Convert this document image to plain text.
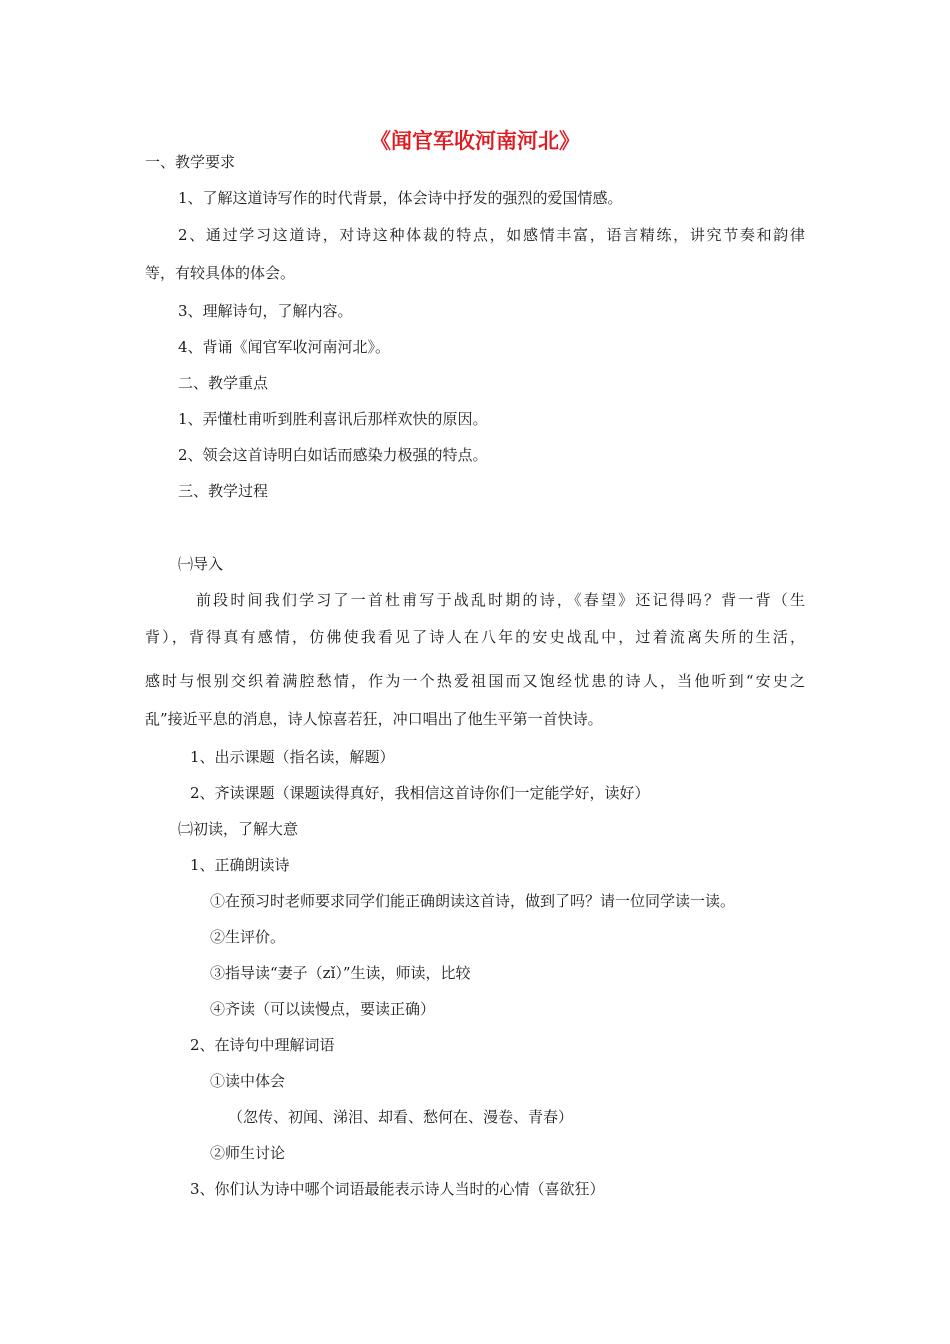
《闻官军收河南河北》
一、教学要求
1、了解这道诗写作的时代背景，体会诗中抒发的强烈的爱国情感。
2、通过学习这道诗，对诗这种体裁的特点，如感情丰富，语言精练，讲究节奏和韵律
等，有较具体的体会。
3、理解诗句，了解内容。
4、背诵《闻官军收河南河北》。
二、教学重点
1、弄懂杜甫听到胜利喜讯后那样欢快的原因。
2、领会这首诗明白如话而感染力极强的特点。
三、教学过程
㈠导入
前段时间我们学习了一首杜甫写于战乱时期的诗，《春望》还记得吗？背一背（生
背），背得真有感情，仿佛使我看见了诗人在八年的安史战乱中，过着流离失所的生活，
感时与恨别交织着满腔愁情，作为一个热爱祖国而又饱经忧患的诗人，当他听到“安史之
乱”接近平息的消息，诗人惊喜若狂，冲口唱出了他生平第一首快诗。
1、出示课题（指名读，解题）
2、齐读课题（课题读得真好，我相信这首诗你们一定能学好，读好）
㈡初读，了解大意
1、正确朗读诗
①在预习时老师要求同学们能正确朗读这首诗，做到了吗？请一位同学读一读。
②生评价。
③指导读“妻子（zǐ）”生读，师读，比较
④齐读（可以读慢点，要读正确）
2、在诗句中理解词语
①读中体会
（忽传、初闻、涕泪、却看、愁何在、漫卷、青春）
②师生讨论
3、你们认为诗中哪个词语最能表示诗人当时的心情（喜欲狂）
